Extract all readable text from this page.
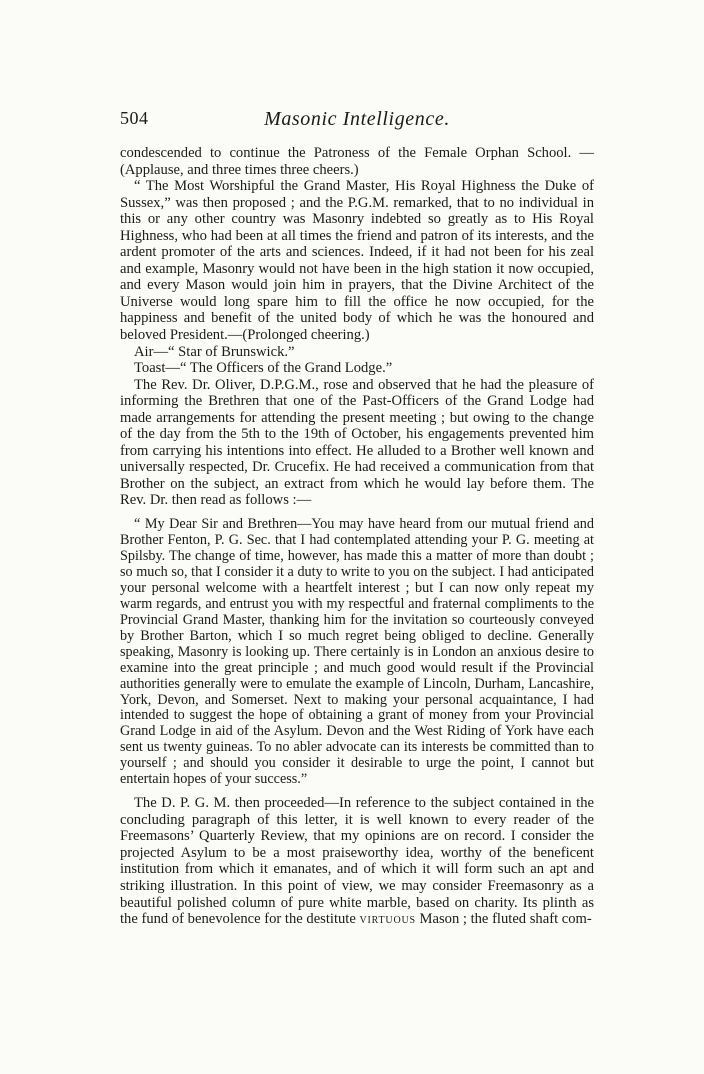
504	Masonic Intelligence.

condescended to continue the Patroness of the Female Orphan School. —(Applause, and three times three cheers.)

“ The Most Worshipful the Grand Master, His Royal Highness the Duke of Sussex,” was then proposed ; and the P.G.M. remarked, that to no individual in this or any other country was Masonry indebted so greatly as to His Royal Highness, who had been at all times the friend and patron of its interests, and the ardent promoter of the arts and sciences. Indeed, if it had not been for his zeal and example, Masonry would not have been in the high station it now occupied, and every Mason would join him in prayers, that the Divine Architect of the Universe would long spare him to fill the office he now occupied, for the happiness and benefit of the united body of which he was the honoured and beloved President.—(Prolonged cheering.)

Air—“ Star of Brunswick.”

Toast—“ The Officers of the Grand Lodge.”

The Rev. Dr. Oliver, D.P.G.M., rose and observed that he had the pleasure of informing the Brethren that one of the Past-Officers of the Grand Lodge had made arrangements for attending the present meeting ; but owing to the change of the day from the 5th to the 19th of October, his engagements prevented him from carrying his intentions into effect. He alluded to a Brother well known and universally respected, Dr. Crucefix. He had received a communication from that Brother on the subject, an extract from which he would lay before them. The Rev. Dr. then read as follows :—

“ My Dear Sir and Brethren—You may have heard from our mutual friend and Brother Fenton, P. G. Sec. that I had contemplated attending your P. G. meeting at Spilsby. The change of time, however, has made this a matter of more than doubt ; so much so, that I consider it a duty to write to you on the subject. I had anticipated your personal welcome with a heartfelt interest ; but I can now only repeat my warm regards, and entrust you with my respectful and fraternal compliments to the Provincial Grand Master, thanking him for the invitation so courteously conveyed by Brother Barton, which I so much regret being obliged to decline. Generally speaking, Masonry is looking up. There certainly is in London an anxious desire to examine into the great principle ; and much good would result if the Provincial authorities generally were to emulate the example of Lincoln, Durham, Lancashire, York, Devon, and Somerset. Next to making your personal acquaintance, I had intended to suggest the hope of obtaining a grant of money from your Provincial Grand Lodge in aid of the Asylum. Devon and the West Riding of York have each sent us twenty guineas. To no abler advocate can its interests be committed than to yourself ; and should you consider it desirable to urge the point, I cannot but entertain hopes of your success.”

The D. P. G. M. then proceeded—In reference to the subject contained in the concluding paragraph of this letter, it is well known to every reader of the Freemasons’ Quarterly Review, that my opinions are on record. I consider the projected Asylum to be a most praiseworthy idea, worthy of the beneficent institution from which it emanates, and of which it will form such an apt and striking illustration. In this point of view, we may consider Freemasonry as a beautiful polished column of pure white marble, based on charity. Its plinth as the fund of benevolence for the destitute virtuous Mason ; the fluted shaft com-
